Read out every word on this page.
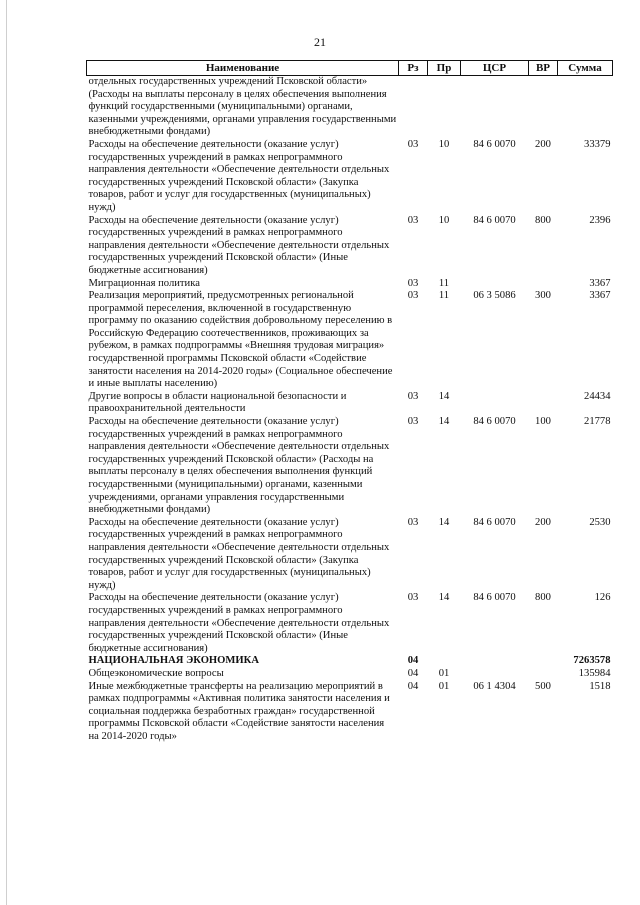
21
Наименование	Рз	Пр	ЦСР	ВР	Сумма
отдельных государственных учреждений Псковской области» (Расходы на выплаты персоналу в целях обеспечения выполнения функций государственными (муниципальными) органами, казенными учреждениями, органами управления государственными внебюджетными фондами)					
Расходы на обеспечение деятельности (оказание услуг) государственных учреждений в рамках непрограммного направления деятельности «Обеспечение деятельности отдельных государственных учреждений Псковской области» (Закупка товаров, работ и услуг для государственных (муниципальных) нужд)	03	10	84 6 0070	200	33379
Расходы на обеспечение деятельности (оказание услуг) государственных учреждений в рамках непрограммного направления деятельности «Обеспечение деятельности отдельных государственных учреждений Псковской области» (Иные бюджетные ассигнования)	03	10	84 6 0070	800	2396
Миграционная политика	03	11			3367
Реализация мероприятий, предусмотренных региональной программой переселения, включенной в государственную программу по оказанию содействия добровольному переселению в Российскую Федерацию соотечественников, проживающих за рубежом, в рамках подпрограммы «Внешняя трудовая миграция» государственной программы Псковской области «Содействие занятости населения на 2014-2020 годы» (Социальное обеспечение и иные выплаты населению)	03	11	06 3 5086	300	3367
Другие вопросы в области национальной безопасности и правоохранительной деятельности	03	14			24434
Расходы на обеспечение деятельности (оказание услуг) государственных учреждений в рамках непрограммного направления деятельности «Обеспечение деятельности отдельных государственных учреждений Псковской области» (Расходы на выплаты персоналу в целях обеспечения выполнения функций государственными (муниципальными) органами, казенными учреждениями, органами управления государственными внебюджетными фондами)	03	14	84 6 0070	100	21778
Расходы на обеспечение деятельности (оказание услуг) государственных учреждений в рамках непрограммного направления деятельности «Обеспечение деятельности отдельных государственных учреждений Псковской области» (Закупка товаров, работ и услуг для государственных (муниципальных) нужд)	03	14	84 6 0070	200	2530
Расходы на обеспечение деятельности (оказание услуг) государственных учреждений в рамках непрограммного направления деятельности «Обеспечение деятельности отдельных государственных учреждений Псковской области» (Иные бюджетные ассигнования)	03	14	84 6 0070	800	126
НАЦИОНАЛЬНАЯ ЭКОНОМИКА	04				7263578
Общеэкономические вопросы	04	01			135984
Иные межбюджетные трансферты на реализацию мероприятий в рамках подпрограммы «Активная политика занятости населения и социальная поддержка безработных граждан» государственной программы Псковской области «Содействие занятости населения на 2014-2020 годы»	04	01	06 1 4304	500	1518
